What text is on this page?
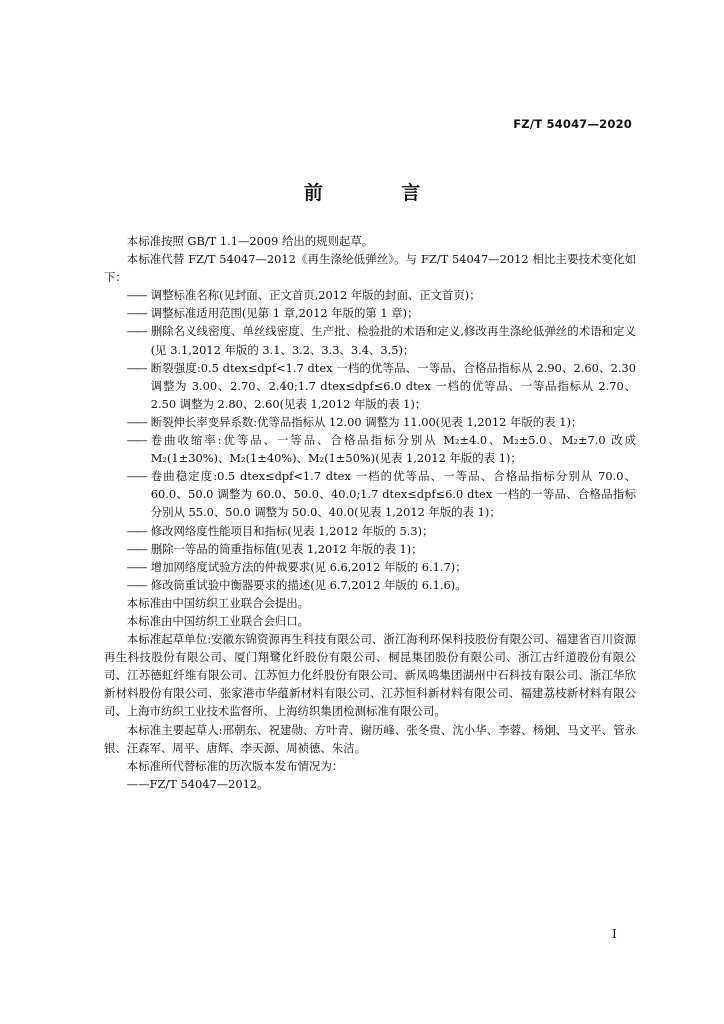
FZ/T 54047—2020
前 言

本标准按照 GB/T 1.1—2009 给出的规则起草。

本标准代替 FZ/T 54047—2012《再生涤纶低弹丝》。与 FZ/T 54047—2012 相比主要技术变化如下：

—— 调整标准名称(见封面、正文首页,2012 年版的封面、正文首页)；
—— 调整标准适用范围(见第 1 章,2012 年版的第 1 章)；
—— 删除名义线密度、单丝线密度、生产批、检验批的术语和定义,修改再生涤纶低弹丝的术语和定义(见 3.1,2012 年版的 3.1、3.2、3.3、3.4、3.5)；
—— 断裂强度:0.5 dtex≤dpf<1.7 dtex 一档的优等品、一等品、合格品指标从 2.90、2.60、2.30 调整为 3.00、2.70、2.40;1.7 dtex≤dpf≤6.0 dtex 一档的优等品、一等品指标从 2.70、2.50 调整为 2.80、2.60(见表 1,2012 年版的表 1)；
—— 断裂伸长率变异系数:优等品指标从 12.00 调整为 11.00(见表 1,2012 年版的表 1)；
—— 卷曲收缩率:优等品、一等品、合格品指标分别从 M₂±4.0、M₂±5.0、M₂±7.0 改成 M₂(1±30%)、M₂(1±40%)、M₂(1±50%)(见表 1,2012 年版的表 1)；
—— 卷曲稳定度:0.5 dtex≤dpf<1.7 dtex 一档的优等品、一等品、合格品指标分别从 70.0、60.0、50.0 调整为 60.0、50.0、40.0;1.7 dtex≤dpf≤6.0 dtex 一档的一等品、合格品指标分别从 55.0、50.0 调整为 50.0、40.0(见表 1,2012 年版的表 1)；
—— 修改网络度性能项目和指标(见表 1,2012 年版的 5.3)；
—— 删除一等品的筒重指标值(见表 1,2012 年版的表 1)；
—— 增加网络度试验方法的仲裁要求(见 6.6,2012 年版的 6.1.7)；
—— 修改筒重试验中衡器要求的描述(见 6.7,2012 年版的 6.1.6)。

本标准由中国纺织工业联合会提出。

本标准由中国纺织工业联合会归口。

本标准起草单位:安徽东锦资源再生科技有限公司、浙江海利环保科技股份有限公司、福建省百川资源再生科技股份有限公司、厦门翔鹭化纤股份有限公司、桐昆集团股份有限公司、浙江古纤道股份有限公司、江苏德虹纤维有限公司、江苏恒力化纤股份有限公司、新凤鸣集团湖州中石科技有限公司、浙江华欣新材料股份有限公司、张家港市华蕴新材料有限公司、江苏恒科新材料有限公司、福建荔枝新材料有限公司、上海市纺织工业技术监督所、上海纺织集团检测标准有限公司。

本标准主要起草人:邢朝东、祝建勋、方叶青、谢历峰、张冬贵、沈小华、李蓉、杨炯、马文平、管永银、汪森军、周平、唐辉、李天源、周祯德、朱洁。

本标准所代替标准的历次版本发布情况为：

——FZ/T 54047—2012。

I
